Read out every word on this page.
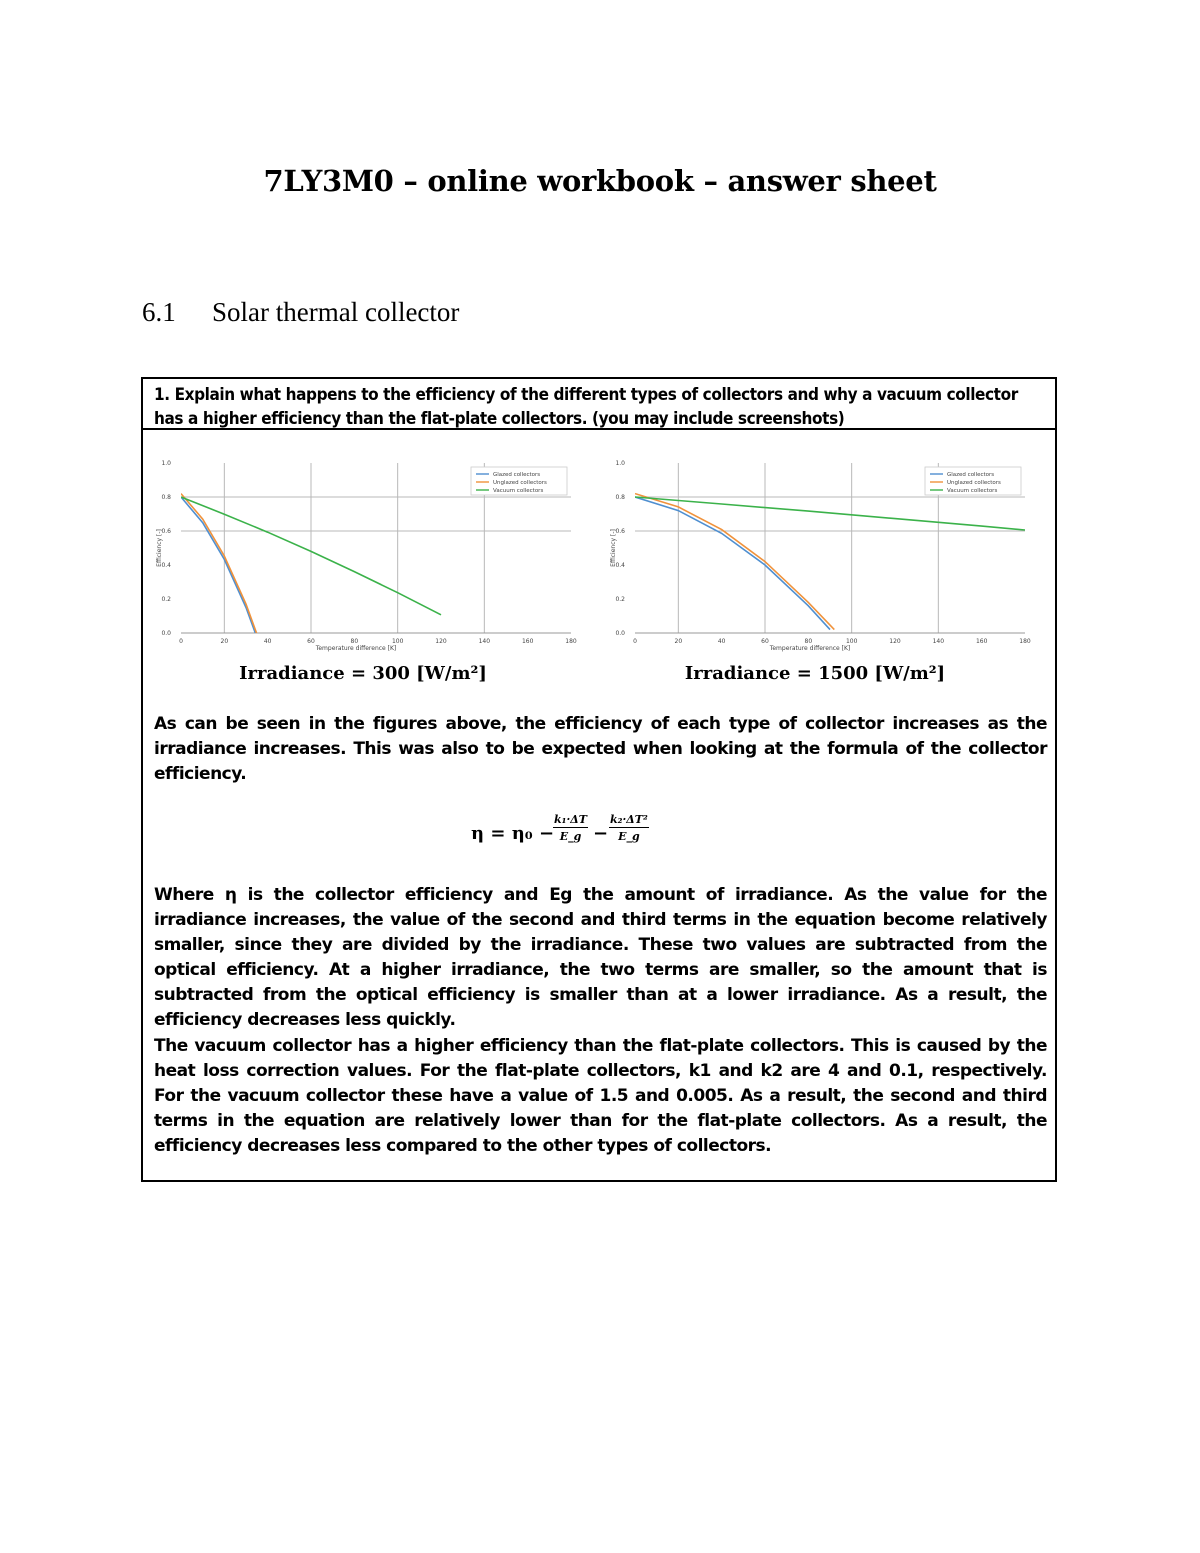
7LY3M0 – online workbook – answer sheet
6.1 Solar thermal collector
1. Explain what happens to the efficiency of the different types of collectors and why a vacuum collector has a higher efficiency than the flat-plate collectors. (you may include screenshots)
0	20	40	60	80	100	120	140	160	180
0.0
0.2
0.4
0.6
0.8
1.0
Temperature difference [K]
Efficiency [-]
Glazed collectors
Unglazed collectors
Vacuum collectors
0	20	40	60	80	100	120	140	160	180
0.0
0.2
0.4
0.6
0.8
1.0
Temperature difference [K]
Efficiency [-]
Glazed collectors
Unglazed collectors
Vacuum collectors
Irradiance = 300 [W/m²]	Irradiance = 1500 [W/m²]
As can be seen in the figures above, the efficiency of each type of collector increases as the irradiance increases. This was also to be expected when looking at the formula of the collector efficiency.
η = η₀ −
$\frac{\text{k₁·ΔT}}{E\_g} - \frac{\text{k₂·ΔT²}}{E\_g}$
Where η is the collector efficiency and Eg the amount of irradiance. As the value for the irradiance increases, the value of the second and third terms in the equation become relatively smaller, since they are divided by the irradiance. These two values are subtracted from the optical efficiency. At a higher irradiance, the two terms are smaller, so the amount that is subtracted from the optical efficiency is smaller than at a lower irradiance. As a result, the efficiency decreases less quickly.
The vacuum collector has a higher efficiency than the flat-plate collectors. This is caused by the heat loss correction values. For the flat-plate collectors, k1 and k2 are 4 and 0.1, respectively. For the vacuum collector these have a value of 1.5 and 0.005. As a result, the second and third terms in the equation are relatively lower than for the flat-plate collectors. As a result, the efficiency decreases less compared to the other types of collectors.
